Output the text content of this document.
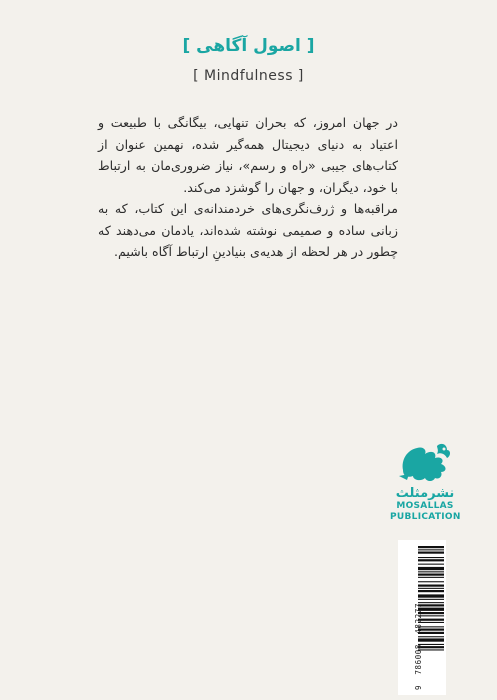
[ اصول آگاهی ]
[ Mindfulness ]

در جهان امروز، که بحران تنهایی، بیگانگی با طبیعت و اعتیاد به دنیای دیجیتال همه‌گیر شده، نهمین عنوان از کتاب‌های جیبی «راه و رسم»، نیاز ضروری‌مان به ارتباط با خود، دیگران، و جهان را گوشزد می‌کند.

مراقبه‌ها و ژرف‌نگری‌های خردمندانه‌ی این کتاب، که به زبانی ساده و صمیمی نوشته شده‌اند، یادمان می‌دهند که چطور در هر لحظه از هدیه‌ی بنیادینِ ارتباط آگاه باشیم.

نشرمثلث
MOSALLAS
PUBLICATION
9  786008  482277
